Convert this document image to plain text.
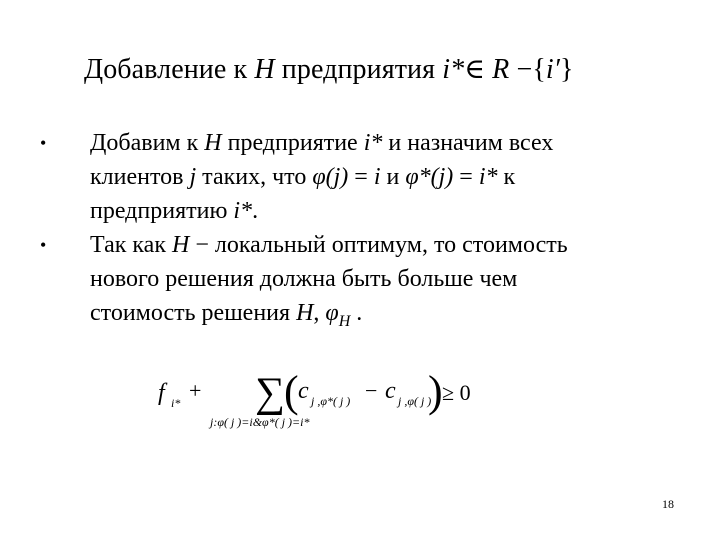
Добавление к H предприятия i*∈ R −{i′}
• Добавим к H предприятие i* и назначим всех
клиентов j таких, что φ(j) = i и φ*(j) = i* к
предприятию i*.
• Так как H − локальный оптимум, то стоимость
нового решения должна быть больше чем
стоимость решения H, $\varphi_H$ .
f i* + ∑ ( c j ,φ*( j ) − c j ,φ( j )
) ≥ 0
j:φ( j )=i&φ*( j )=i*
18
